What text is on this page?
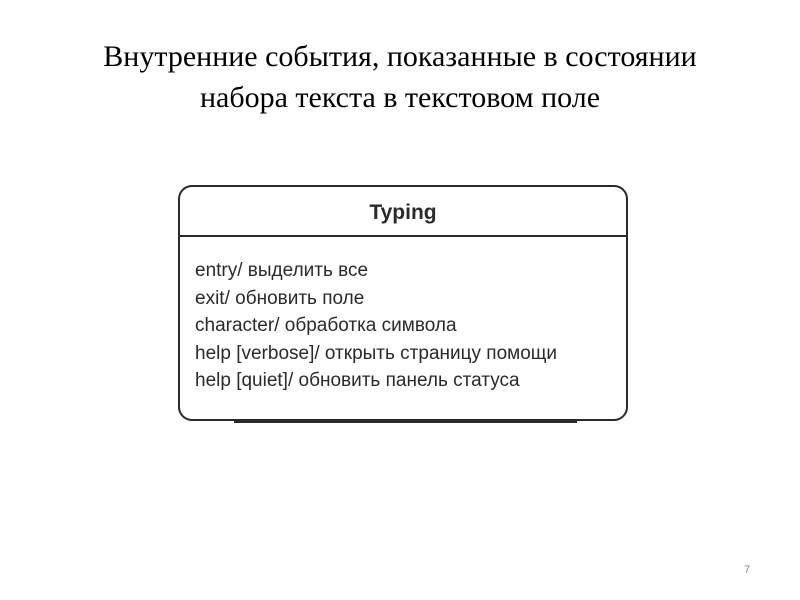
Внутренние события, показанные в состоянии
набора текста в текстовом поле
Typing
entry/ выделить все
exit/ обновить поле
character/ обработка символа
help [verbose]/ открыть страницу помощи
help [quiet]/ обновить панель статуса
7
